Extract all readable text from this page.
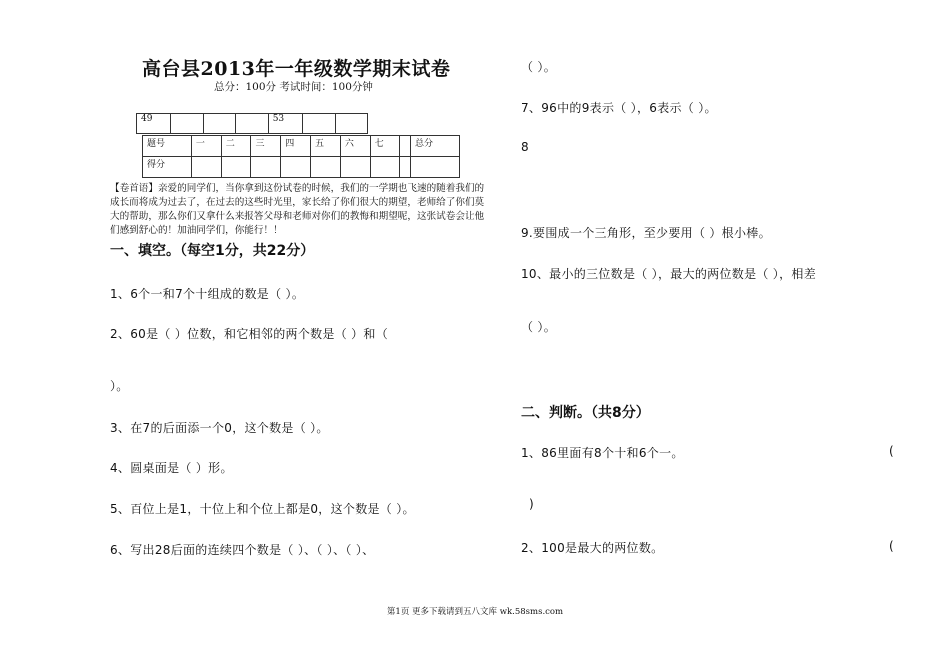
高台县2013年一年级数学期末试卷
总分：100分 考试时间：100分钟
49				53		
题号	一	二	三	四	五	六	七		总分
得分									
【卷首语】亲爱的同学们，当你拿到这份试卷的时候，我们的一学期也飞速的随着我们的成长而将成为过去了，在过去的这些时光里，家长给了你们很大的期望，老师给了你们莫大的帮助，那么你们又拿什么来报答父母和老师对你们的教悔和期望呢，这张试卷会让他们感到舒心的！加油同学们，你能行！！
一、填空。（每空1分，共22分）
1、6个一和7个十组成的数是（ ）。
2、60是（ ）位数，和它相邻的两个数是（ ）和（
）。
3、在7的后面添一个0，这个数是（ ）。
4、圆桌面是（ ）形。
5、百位上是1，十位上和个位上都是0，这个数是（ ）。
6、写出28后面的连续四个数是（ ）、（ ）、（ ）、
（ ）。
7、96中的9表示（ ），6表示（ ）。
8
9.要围成一个三角形，至少要用（ ）根小棒。
10、最小的三位数是（ ），最大的两位数是（ ），相差
（ ）。
二、判断。（共8分）
1、86里面有8个十和6个一。	(
)
2、100是最大的两位数。	(
第1页 更多下载请到五八文库 wk.58sms.com
